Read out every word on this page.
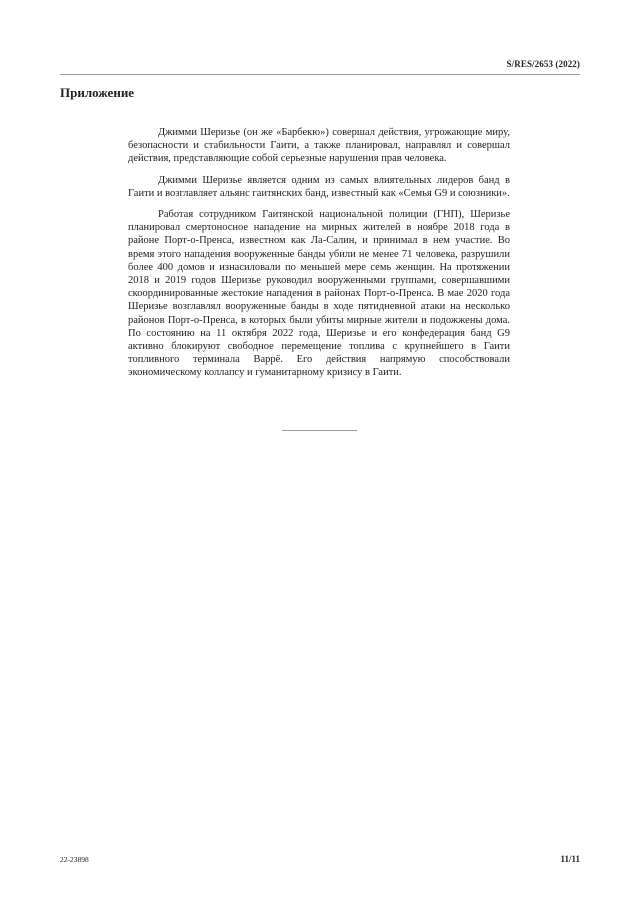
S/RES/2653 (2022)
Приложение

Джимми Шеризье (он же «Барбекю») совершал действия, угрожающие миру, безопасности и стабильности Гаити, а также планировал, направлял и совершал действия, представляющие собой серьезные нарушения прав человека.

Джимми Шеризье является одним из самых влиятельных лидеров банд в Гаити и возглавляет альянс гаитянских банд, известный как «Семья G9 и союзники».

Работая сотрудником Гаитянской национальной полиции (ГНП), Шеризье планировал смертоносное нападение на мирных жителей в ноябре 2018 года в районе Порт-о-Пренса, известном как Ла-Салин, и принимал в нем участие. Во время этого нападения вооруженные банды убили не менее 71 человека, разрушили более 400 домов и изнасиловали по меньшей мере семь женщин. На протяжении 2018 и 2019 годов Шеризье руководил вооруженными группами, совершавшими скоординированные жестокие нападения в районах Порт-о-Пренса. В мае 2020 года Шеризье возглавлял вооруженные банды в ходе пятидневной атаки на несколько районов Порт-о-Пренса, в которых были убиты мирные жители и подожжены дома. По состоянию на 11 октября 2022 года, Шеризье и его конфедерация банд G9 активно блокируют свободное перемещение топлива с крупнейшего в Гаити топливного терминала Варрё. Его действия напрямую способствовали экономическому коллапсу и гуманитарному кризису в Гаити.

22-23898	11/11
